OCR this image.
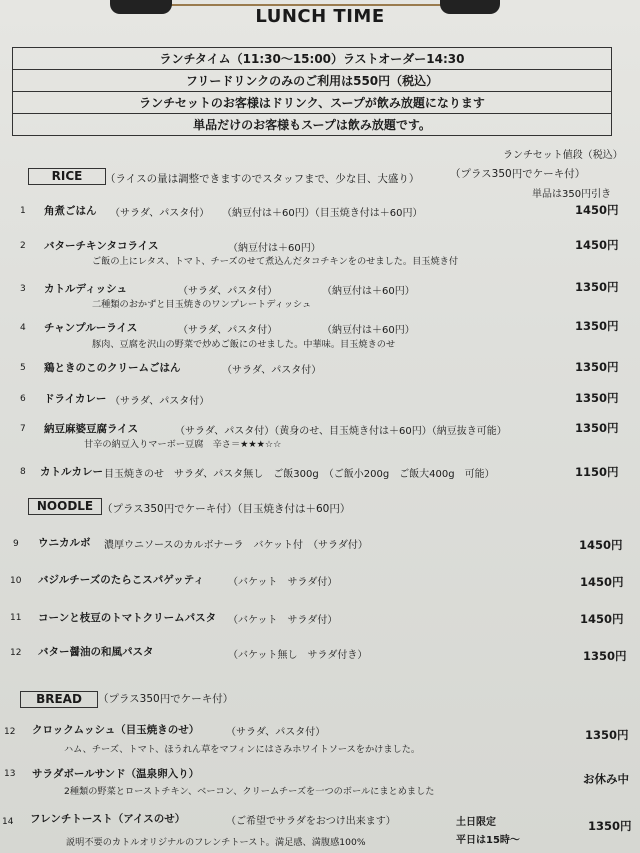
LUNCH TIME
ランチタイム（11:30〜15:00）ラストオーダー14:30
フリードリンクのみのご利用は550円（税込）
ランチセットのお客様はドリンク、スープが飲み放題になります
単品だけのお客様もスープは飲み放題です。
ランチセット値段（税込）
RICE	（ライスの量は調整できますのでスタッフまで、少な目、大盛り）	（プラス350円でケーキ付）
単品は350円引き
1 角煮ごはん （サラダ、パスタ付） （納豆付は＋60円）（目玉焼き付は＋60円）	1450円
2 バターチキンタコライス	（納豆付は＋60円）
ご飯の上にレタス、トマト、チーズのせて煮込んだタコチキンをのせました。目玉焼き付
1450円
3 カトルディッシュ	（サラダ、パスタ付）	（納豆付は＋60円）
二種類のおかずと目玉焼きのワンプレートディッシュ
1350円
4 チャンプルーライス	（サラダ、パスタ付）	（納豆付は＋60円）
豚肉、豆腐を沢山の野菜で炒めご飯にのせました。中華味。目玉焼きのせ
1350円
5 鶏ときのこのクリームごはん	（サラダ、パスタ付）	1350円
6 ドライカレー （サラダ、パスタ付）	1350円
7 納豆麻婆豆腐ライス	（サラダ、パスタ付）（黄身のせ、目玉焼き付は＋60円）（納豆抜き可能）
甘辛の納豆入りマーボー豆腐　辛さ＝★★★☆☆
1350円
8 カトルカレー 目玉焼きのせ　サラダ、パスタ無し　ご飯300g　（ご飯小200g　ご飯大400g　可能）	1150円
NOODLE （プラス350円でケーキ付）（目玉焼き付は＋60円）
9 ウニカルボ 濃厚ウニソースのカルボナーラ　バケット付　（サラダ付）	1450円
10 バジルチーズのたらこスパゲッティ （バケット　サラダ付）	1450円
11 コーンと枝豆のトマトクリームパスタ （バケット　サラダ付）	1450円
12 バター醤油の和風パスタ	（バケット無し　サラダ付き）	1350円
BREAD	（プラス350円でケーキ付）
12 クロックムッシュ（目玉焼きのせ）	（サラダ、パスタ付）
ハム、チーズ、トマト、ほうれん草をマフィンにはさみホワイトソースをかけました。
1350円
13 サラダボールサンド（温泉卵入り）
2種類の野菜とローストチキン、ベーコン、クリームチーズを一つのボールにまとめました
お休み中
14 フレンチトースト（アイスのせ）	（ご希望でサラダをおつけ出来ます）	土日限定
平日は15時〜
説明不要のカトルオリジナルのフレンチトースト。満足感、満腹感100%
1350円
